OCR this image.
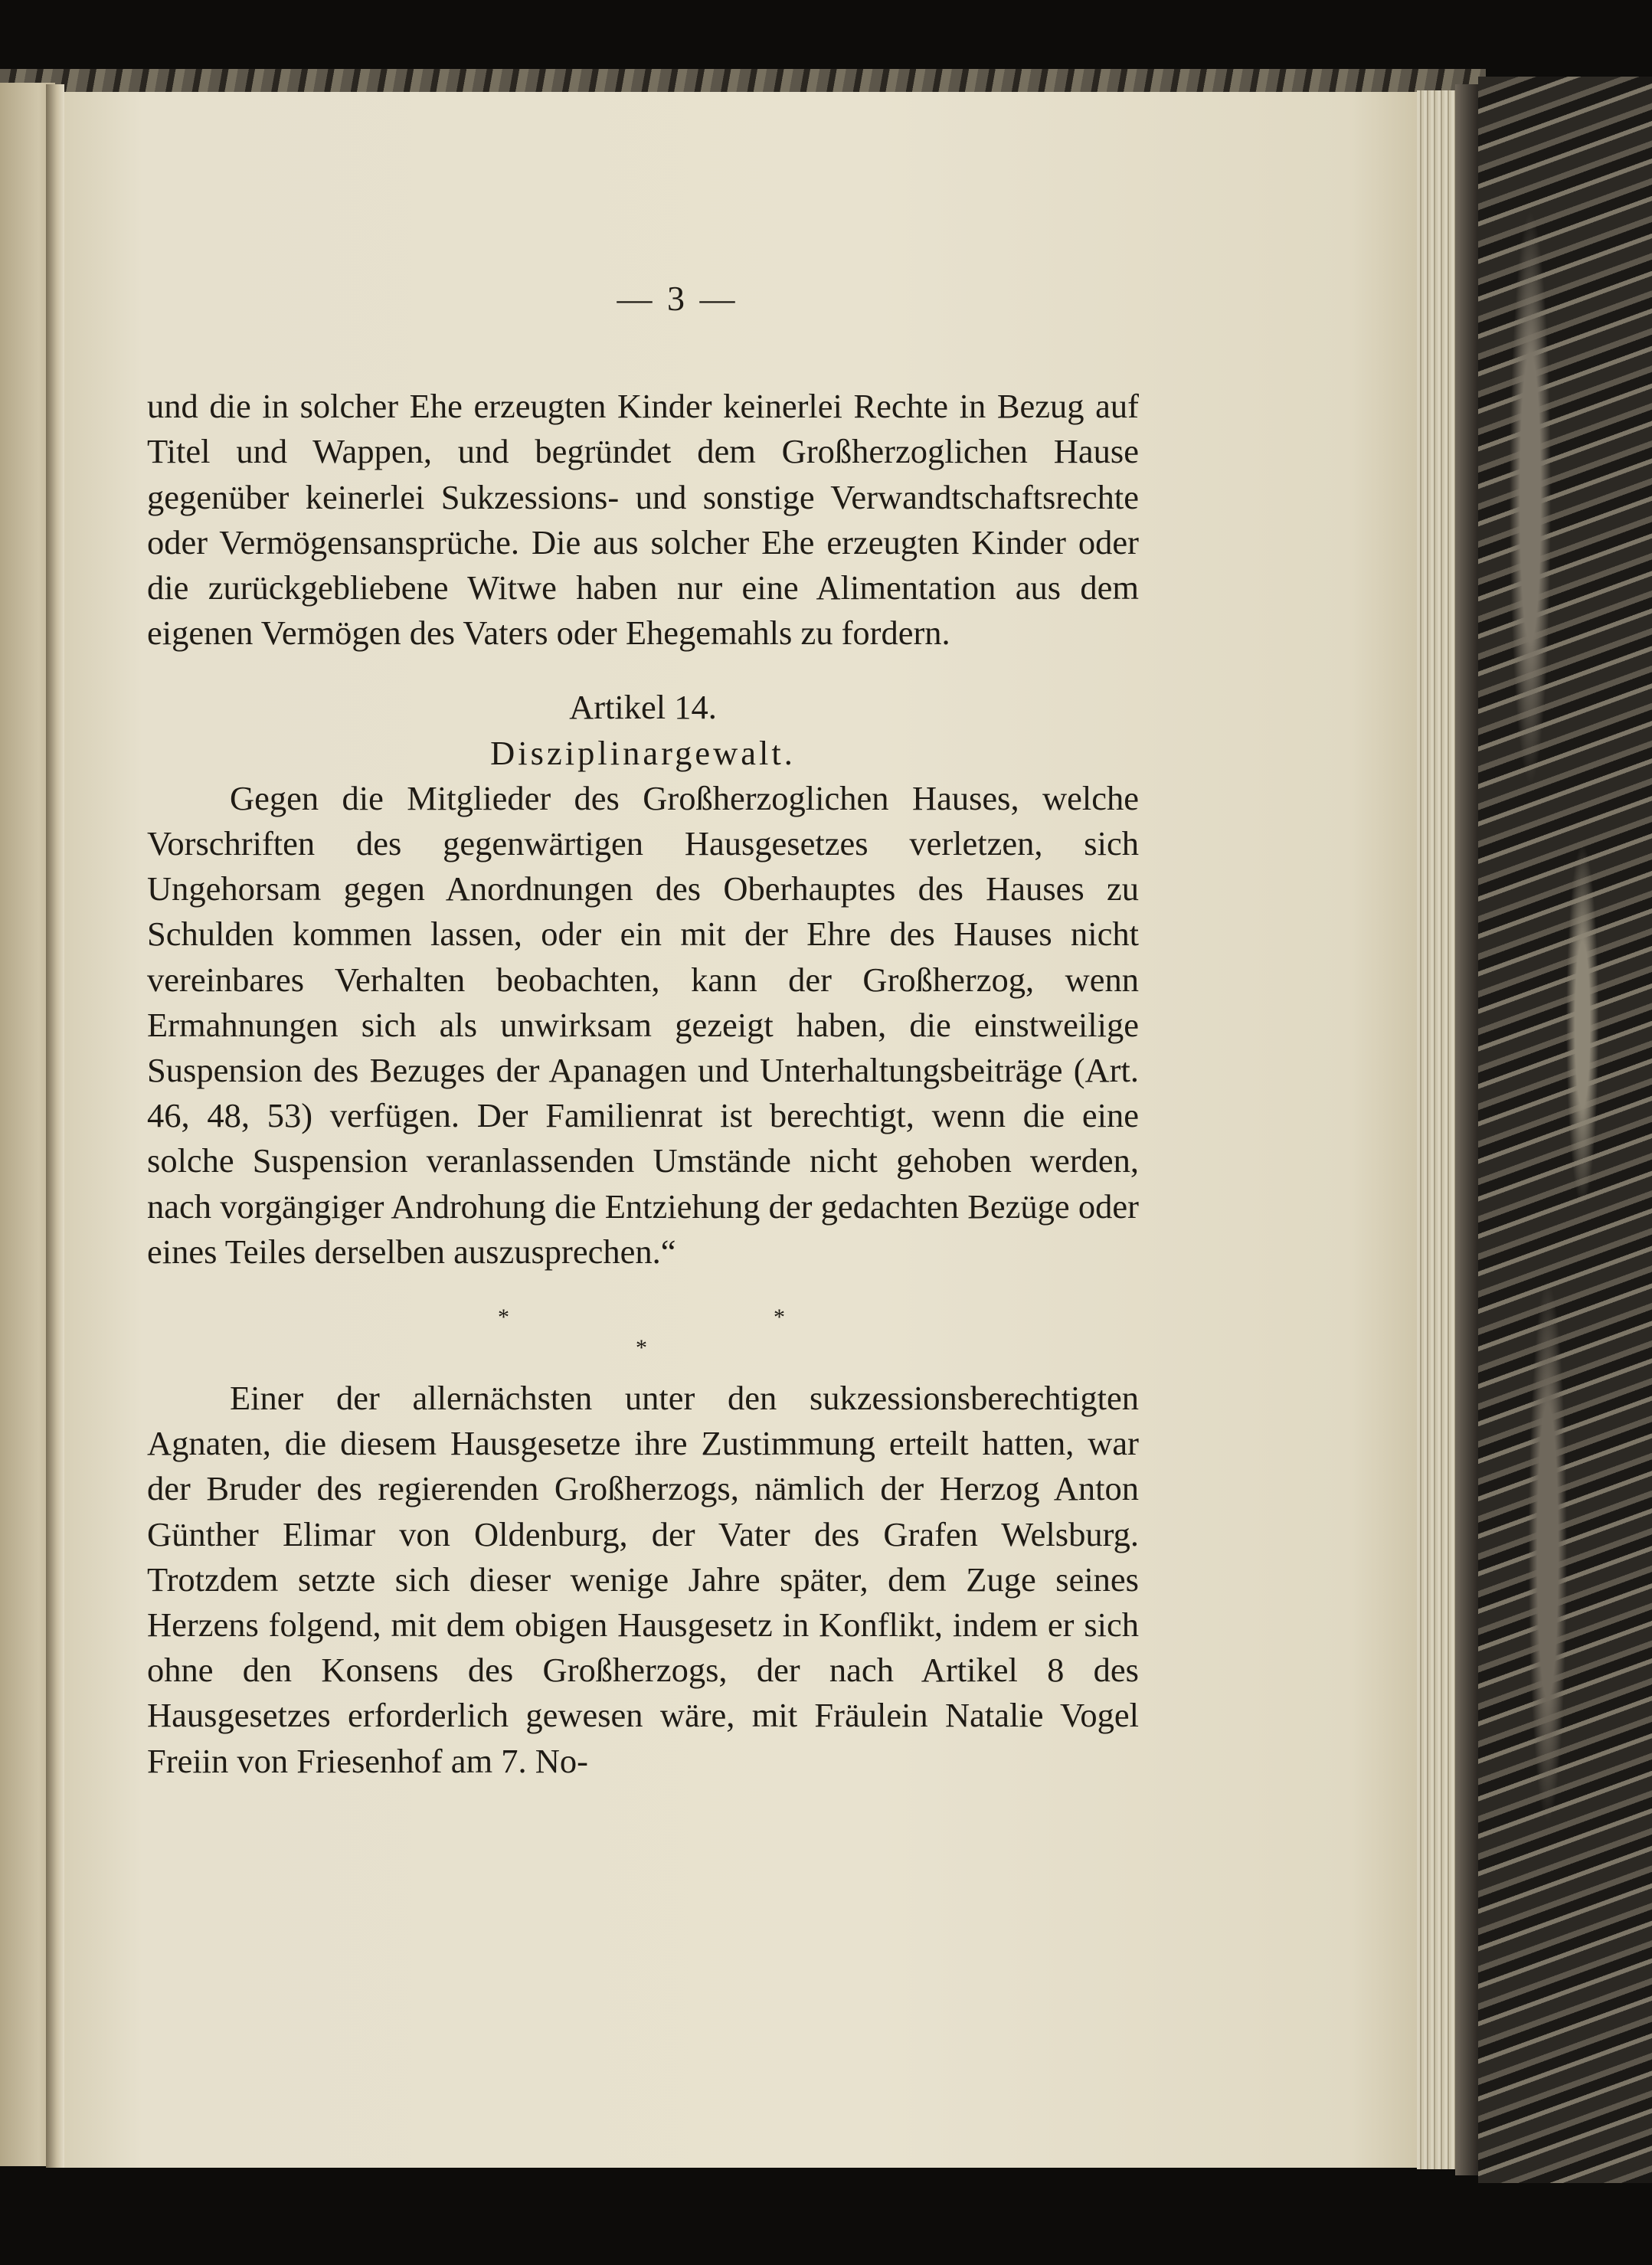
— 3 —

und die in solcher Ehe erzeugten Kinder keinerlei Rechte in Bezug auf Titel und Wappen, und begründet dem Großherzoglichen Hause gegenüber keinerlei Sukzessions- und sonstige Verwandtschaftsrechte oder Vermögensansprüche. Die aus solcher Ehe erzeugten Kinder oder die zurückgebliebene Witwe haben nur eine Alimentation aus dem eigenen Vermögen des Vaters oder Ehegemahls zu fordern.

Artikel 14.

Disziplinargewalt.

Gegen die Mitglieder des Großherzoglichen Hauses, welche Vorschriften des gegenwärtigen Hausgesetzes verletzen, sich Ungehorsam gegen Anordnungen des Oberhauptes des Hauses zu Schulden kommen lassen, oder ein mit der Ehre des Hauses nicht vereinbares Verhalten beobachten, kann der Großherzog, wenn Ermahnungen sich als unwirksam gezeigt haben, die einstweilige Suspension des Bezuges der Apanagen und Unterhaltungsbeiträge (Art. 46, 48, 53) verfügen. Der Familienrat ist berechtigt, wenn die eine solche Suspension veranlassenden Umstände nicht gehoben werden, nach vorgängiger Androhung die Entziehung der gedachten Bezüge oder eines Teiles derselben auszusprechen.“

*	*
*

Einer der allernächsten unter den sukzessionsberechtigten Agnaten, die diesem Hausgesetze ihre Zustimmung erteilt hatten, war der Bruder des regierenden Großherzogs, nämlich der Herzog Anton Günther Elimar von Oldenburg, der Vater des Grafen Welsburg. Trotzdem setzte sich dieser wenige Jahre später, dem Zuge seines Herzens folgend, mit dem obigen Hausgesetz in Konflikt, indem er sich ohne den Konsens des Großherzogs, der nach Artikel 8 des Hausgesetzes erforderlich gewesen wäre, mit Fräulein Natalie Vogel Freiin von Friesenhof am 7. No-
